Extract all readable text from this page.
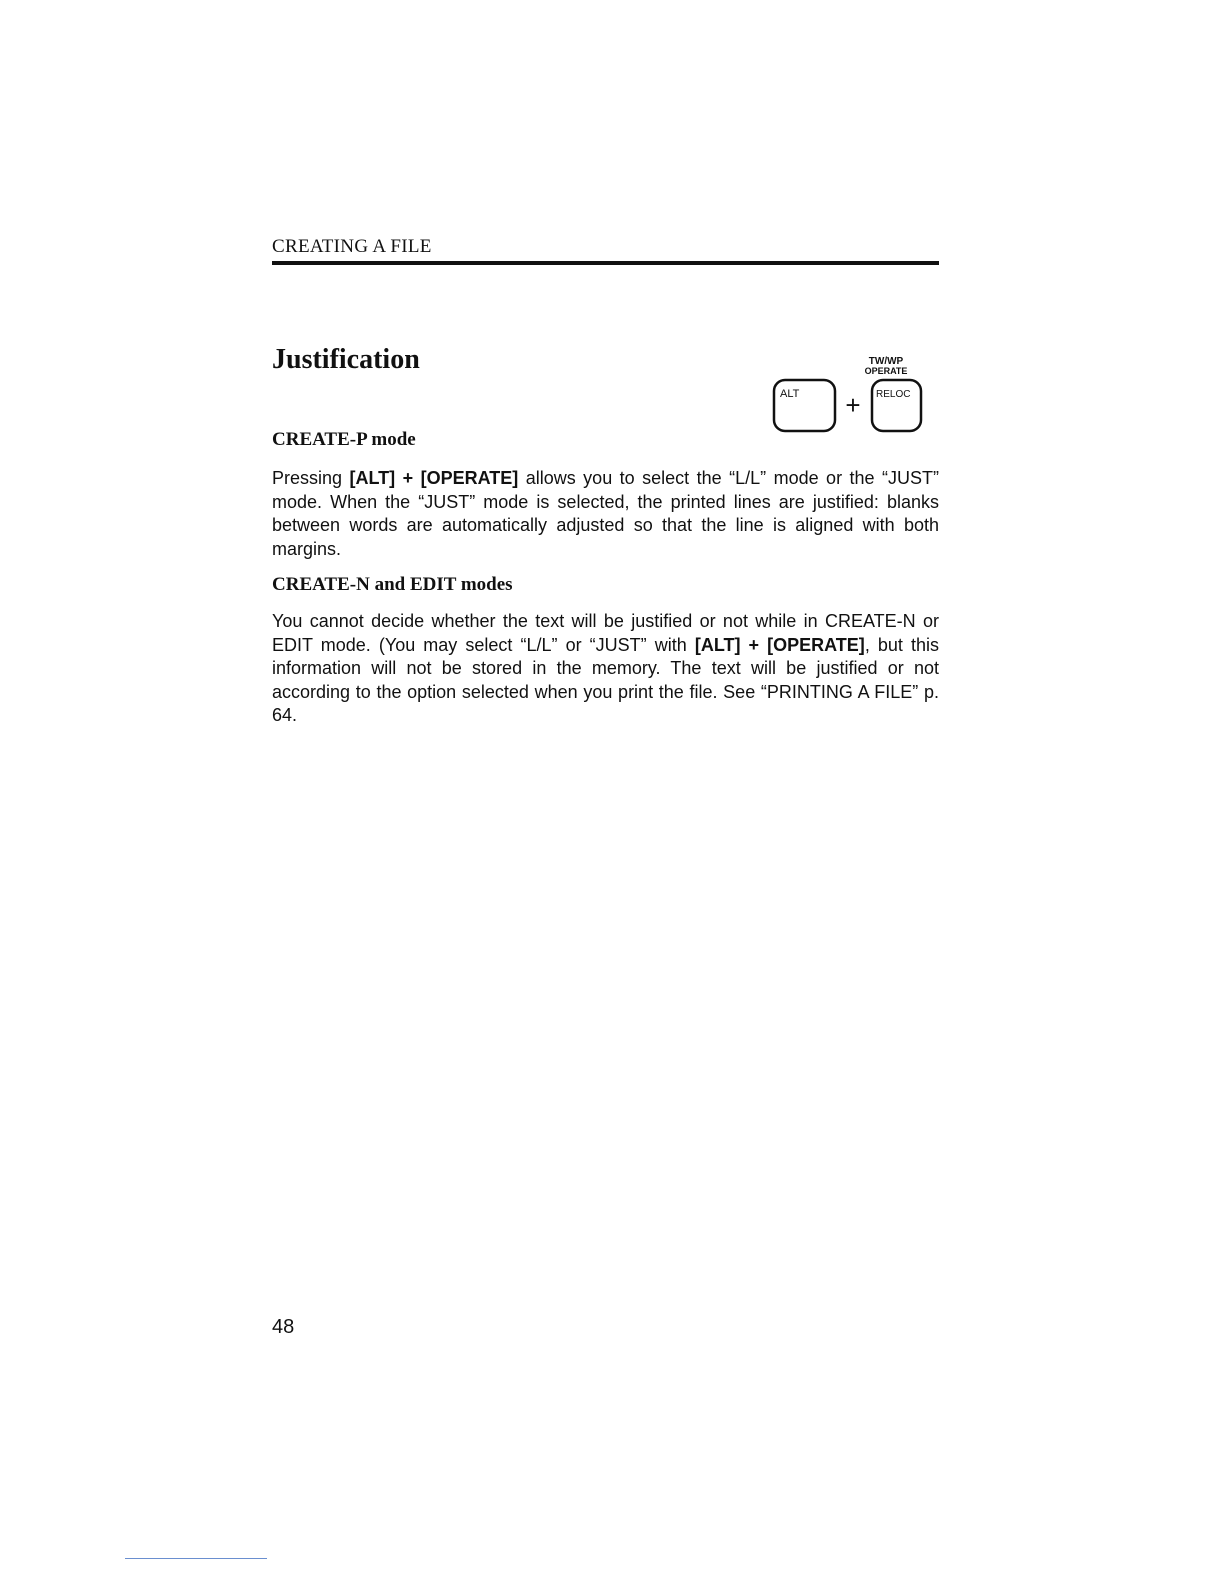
CREATING A FILE
Justification	TW/WP
OPERATE
ALT + RELOC
CREATE-P mode

Pressing [ALT] + [OPERATE] allows you to select the “L/L” mode or the “JUST” mode. When the “JUST” mode is selected, the printed lines are justified: blanks between words are automatically adjusted so that the line is aligned with both margins.

CREATE-N and EDIT modes

You cannot decide whether the text will be justified or not while in CREATE-N or EDIT mode. (You may select “L/L” or “JUST” with [ALT] + [OPERATE], but this information will not be stored in the memory. The text will be justified or not according to the option selected when you print the file. See “PRINTING A FILE” p. 64.

48
